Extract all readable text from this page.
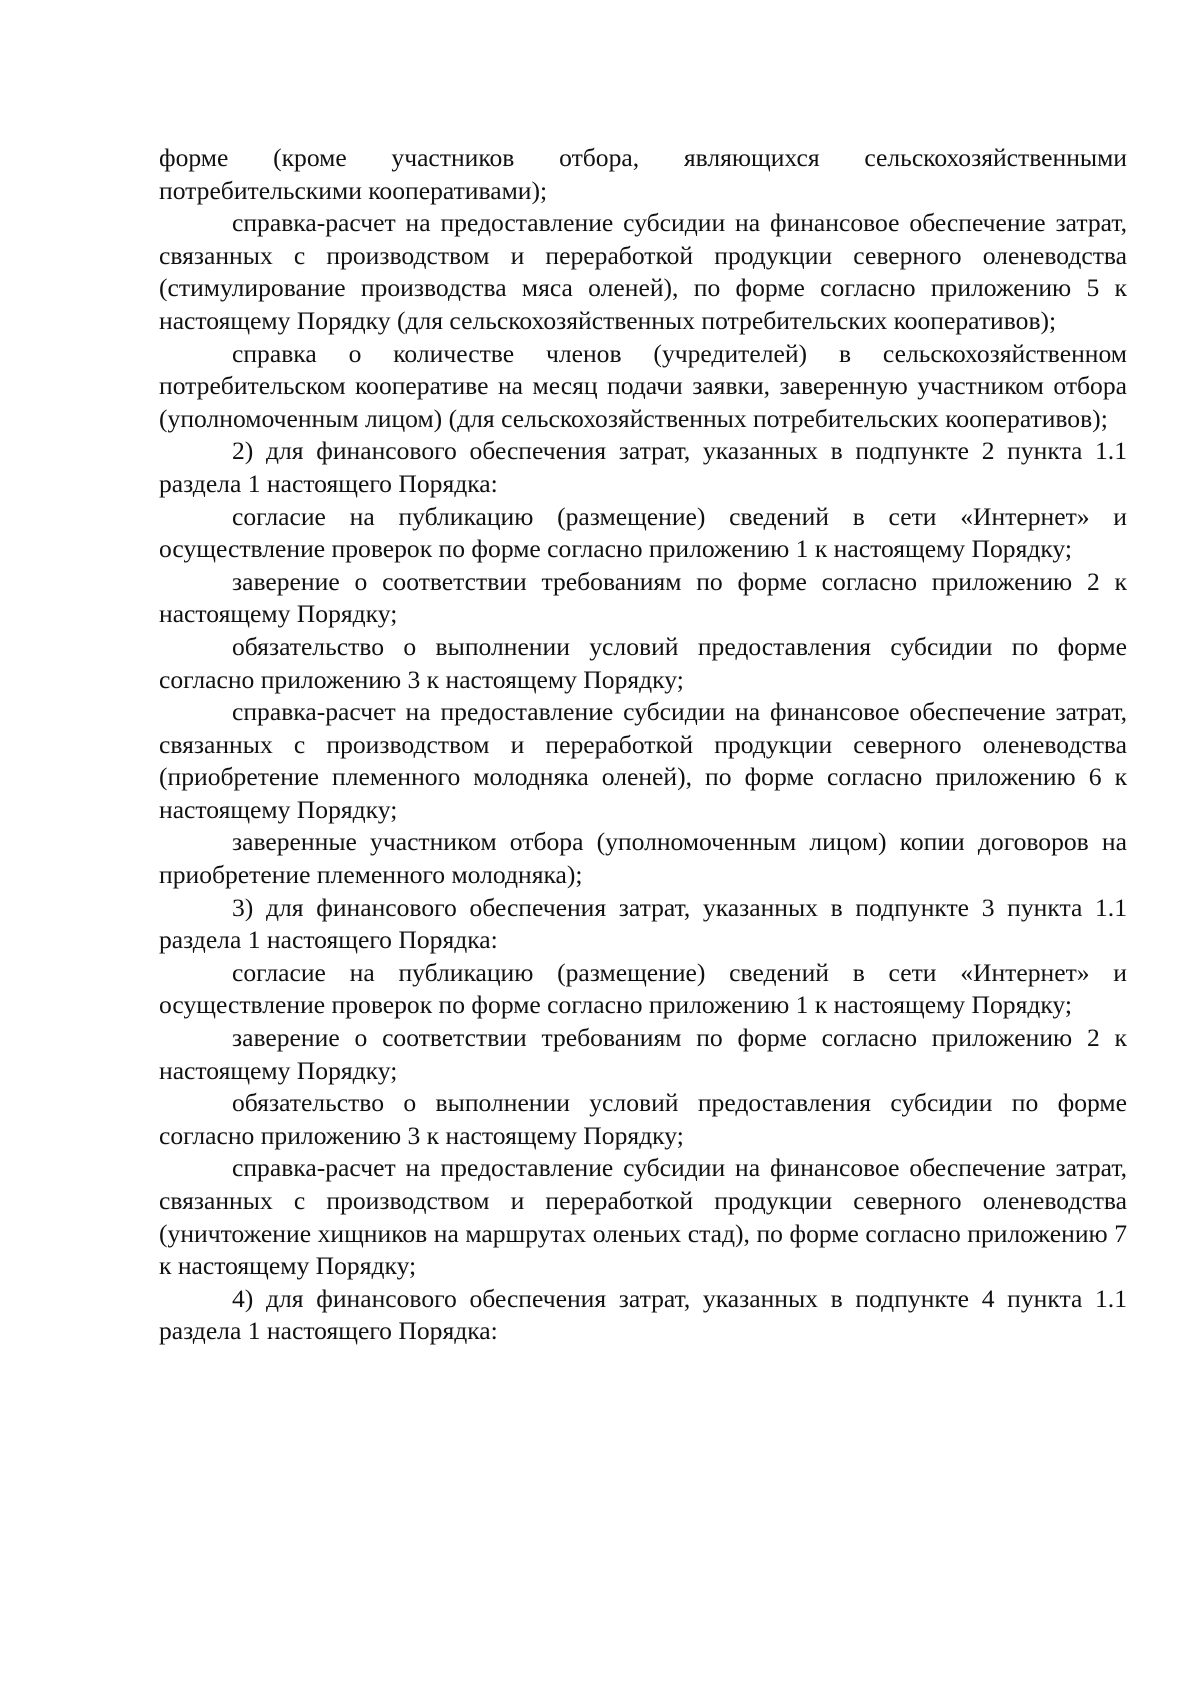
форме (кроме участников отбора, являющихся сельскохозяйственными потребительскими кооперативами);

справка-расчет на предоставление субсидии на финансовое обеспечение затрат, связанных с производством и переработкой продукции северного оленеводства (стимулирование производства мяса оленей), по форме согласно приложению 5 к настоящему Порядку (для сельскохозяйственных потребительских кооперативов);

справка о количестве членов (учредителей) в сельскохозяйственном потребительском кооперативе на месяц подачи заявки, заверенную участником отбора (уполномоченным лицом) (для сельскохозяйственных потребительских кооперативов);

2) для финансового обеспечения затрат, указанных в подпункте 2 пункта 1.1 раздела 1 настоящего Порядка:

согласие на публикацию (размещение) сведений в сети «Интернет» и осуществление проверок по форме согласно приложению 1 к настоящему Порядку;

заверение о соответствии требованиям по форме согласно приложению 2 к настоящему Порядку;

обязательство о выполнении условий предоставления субсидии по форме согласно приложению 3 к настоящему Порядку;

справка-расчет на предоставление субсидии на финансовое обеспечение затрат, связанных с производством и переработкой продукции северного оленеводства (приобретение племенного молодняка оленей), по форме согласно приложению 6 к настоящему Порядку;

заверенные участником отбора (уполномоченным лицом) копии договоров на приобретение племенного молодняка);

3) для финансового обеспечения затрат, указанных в подпункте 3 пункта 1.1 раздела 1 настоящего Порядка:

согласие на публикацию (размещение) сведений в сети «Интернет» и осуществление проверок по форме согласно приложению 1 к настоящему Порядку;

заверение о соответствии требованиям по форме согласно приложению 2 к настоящему Порядку;

обязательство о выполнении условий предоставления субсидии по форме согласно приложению 3 к настоящему Порядку;

справка-расчет на предоставление субсидии на финансовое обеспечение затрат, связанных с производством и переработкой продукции северного оленеводства (уничтожение хищников на маршрутах оленьих стад), по форме согласно приложению 7 к настоящему Порядку;

4) для финансового обеспечения затрат, указанных в подпункте 4 пункта 1.1 раздела 1 настоящего Порядка:
